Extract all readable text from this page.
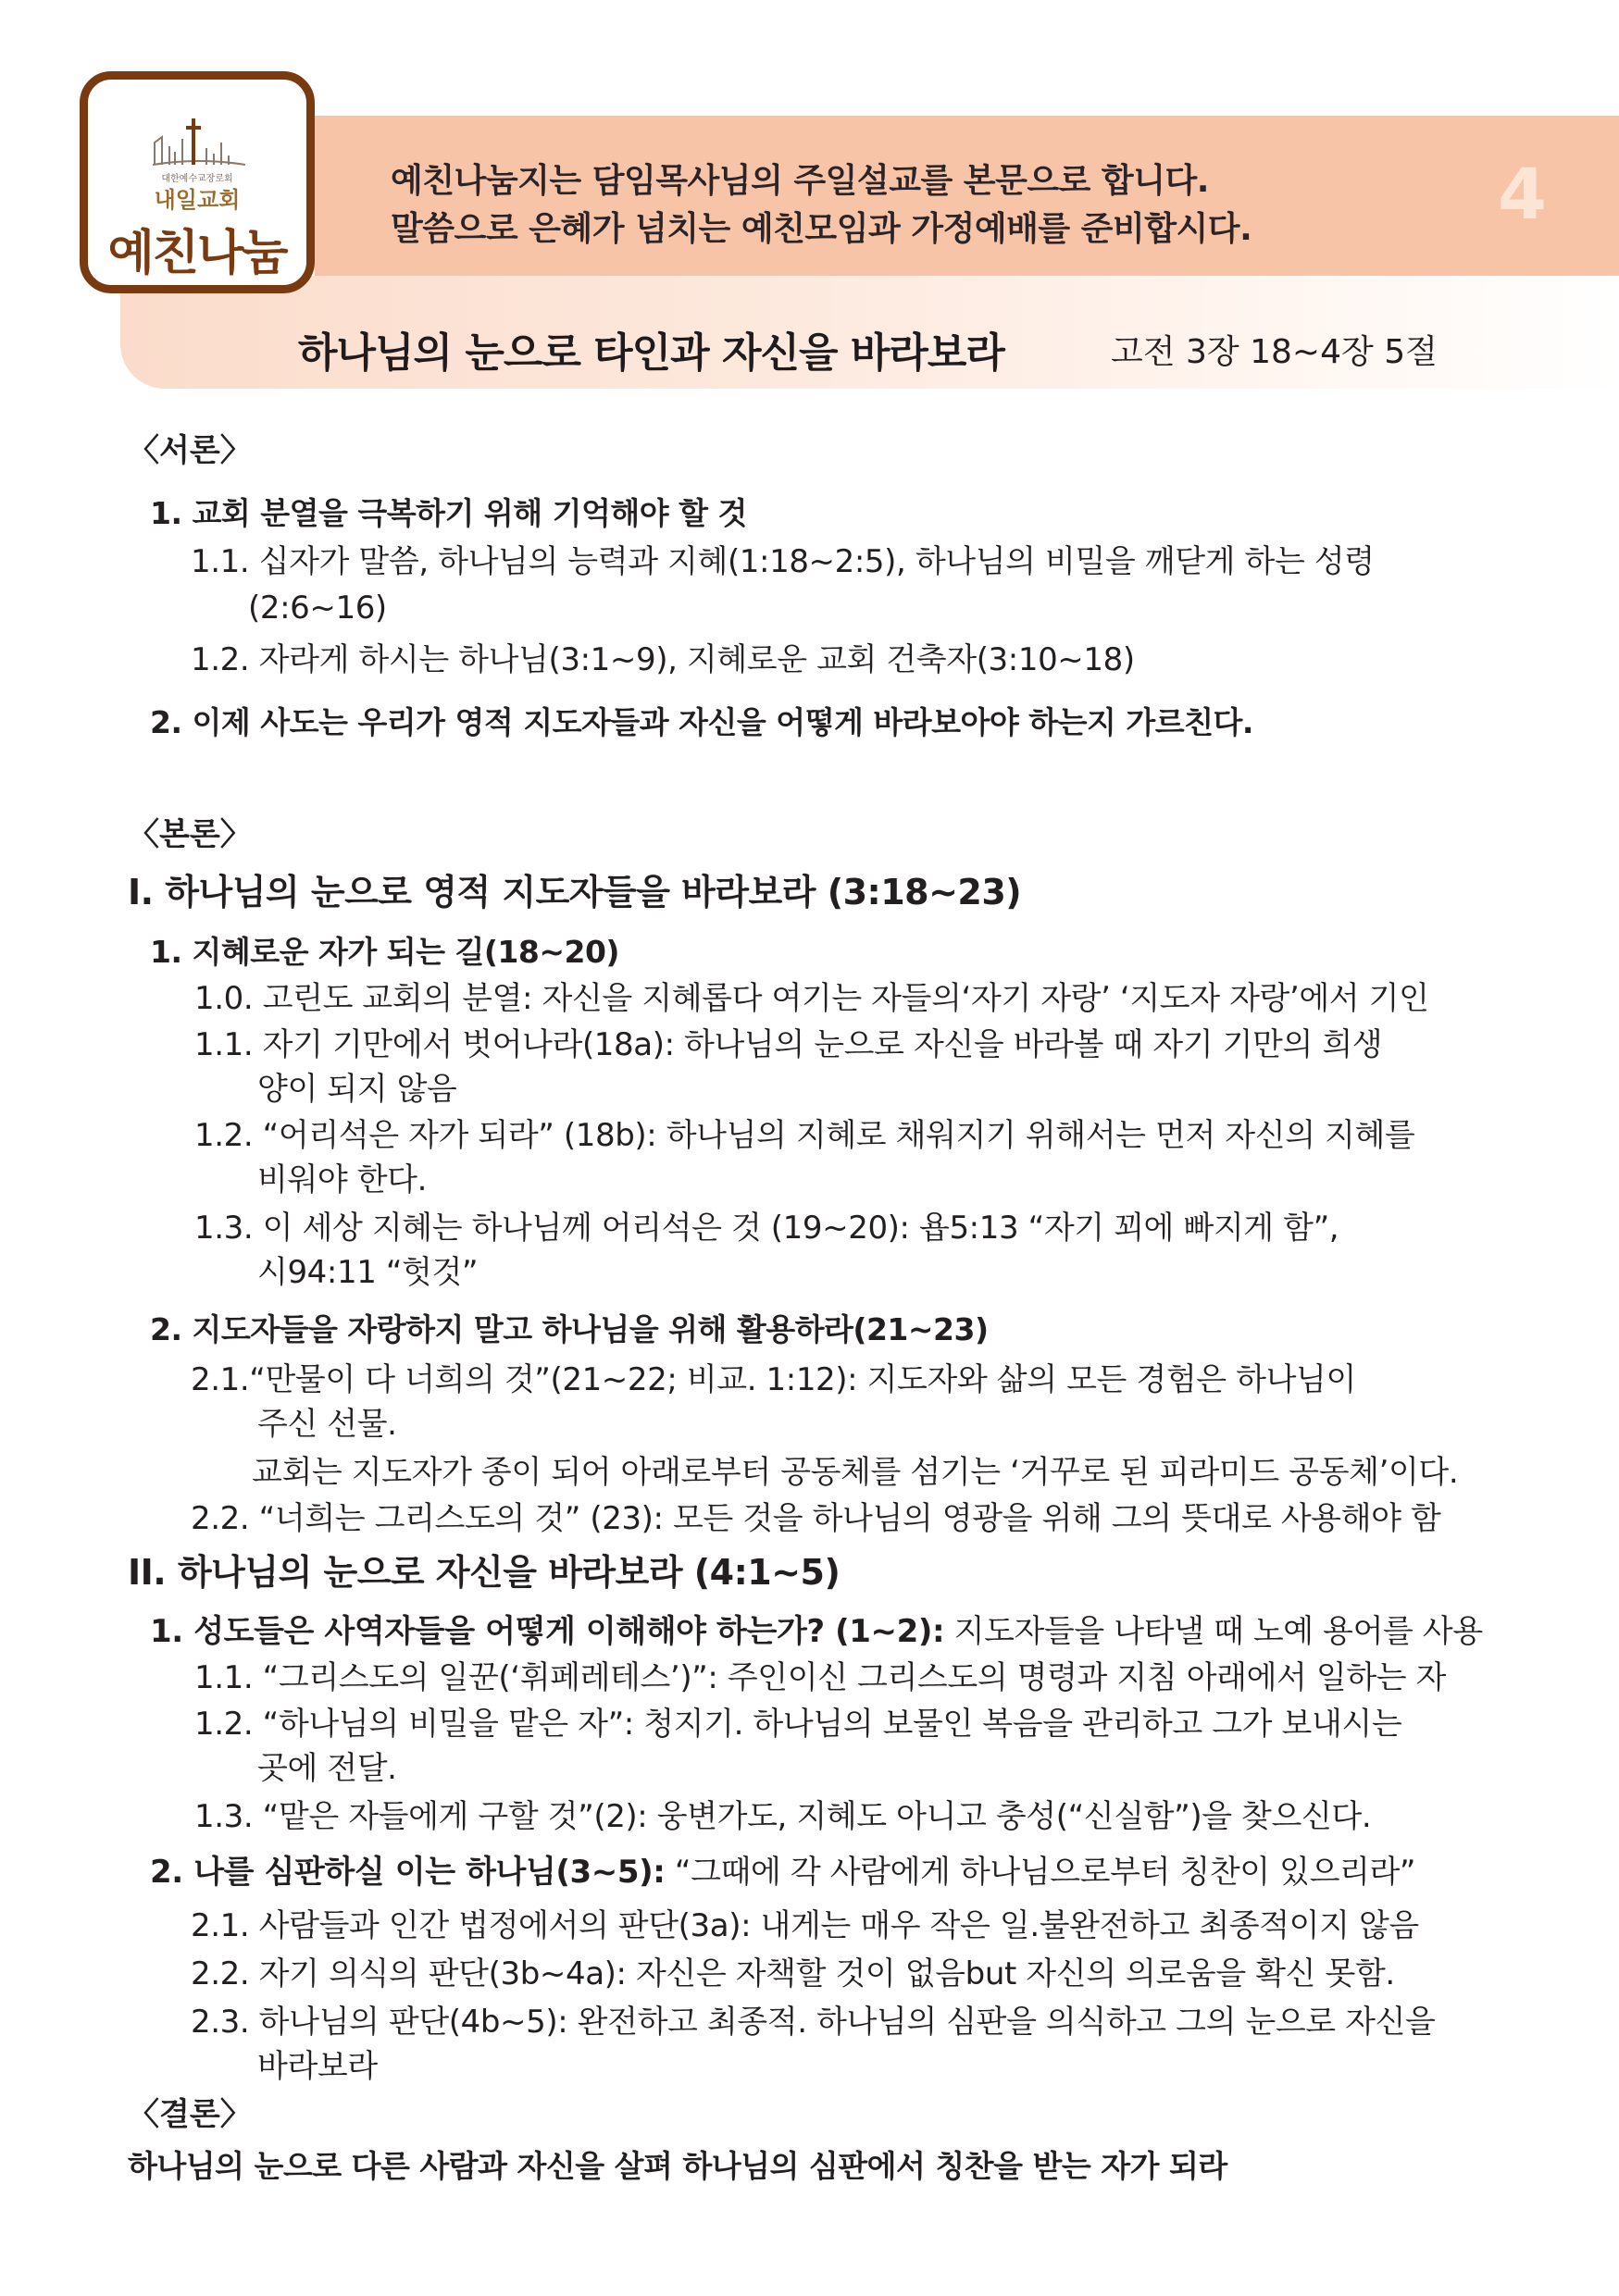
예친나눔지는 담임목사님의 주일설교를 본문으로 합니다.
말씀으로 은혜가 넘치는 예친모임과 가정예배를 준비합시다.	4
하나님의 눈으로 타인과 자신을 바라보라	고전 3장 18~4장 5절
대한예수교장로회
내일교회
예친나눔
〈서론〉
1. 교회 분열을 극복하기 위해 기억해야 할 것
1.1. 십자가 말씀, 하나님의 능력과 지혜(1:18~2:5), 하나님의 비밀을 깨닫게 하는 성령
(2:6~16)
1.2. 자라게 하시는 하나님(3:1~9), 지혜로운 교회 건축자(3:10~18)
2. 이제 사도는 우리가 영적 지도자들과 자신을 어떻게 바라보아야 하는지 가르친다.
〈본론〉
I. 하나님의 눈으로 영적 지도자들을 바라보라 (3:18~23)
1. 지혜로운 자가 되는 길(18~20)
1.0. 고린도 교회의 분열: 자신을 지혜롭다 여기는 자들의‘자기 자랑’ ‘지도자 자랑’에서 기인
1.1. 자기 기만에서 벗어나라(18a): 하나님의 눈으로 자신을 바라볼 때 자기 기만의 희생
양이 되지 않음
1.2. “어리석은 자가 되라” (18b): 하나님의 지혜로 채워지기 위해서는 먼저 자신의 지혜를
비워야 한다.
1.3. 이 세상 지혜는 하나님께 어리석은 것 (19~20): 욥5:13 “자기 꾀에 빠지게 함”,
시94:11 “헛것”
2. 지도자들을 자랑하지 말고 하나님을 위해 활용하라(21~23)
2.1.“만물이 다 너희의 것”(21~22; 비교. 1:12): 지도자와 삶의 모든 경험은 하나님이
주신 선물.
교회는 지도자가 종이 되어 아래로부터 공동체를 섬기는 ‘거꾸로 된 피라미드 공동체’이다.
2.2. “너희는 그리스도의 것” (23): 모든 것을 하나님의 영광을 위해 그의 뜻대로 사용해야 함
II. 하나님의 눈으로 자신을 바라보라 (4:1~5)
1. 성도들은 사역자들을 어떻게 이해해야 하는가? (1~2): 지도자들을 나타낼 때 노예 용어를 사용
1.1. “그리스도의 일꾼(‘휘페레테스’)”: 주인이신 그리스도의 명령과 지침 아래에서 일하는 자
1.2. “하나님의 비밀을 맡은 자”: 청지기. 하나님의 보물인 복음을 관리하고 그가 보내시는
곳에 전달.
1.3. “맡은 자들에게 구할 것”(2): 웅변가도, 지혜도 아니고 충성(“신실함”)을 찾으신다.
2. 나를 심판하실 이는 하나님(3~5): “그때에 각 사람에게 하나님으로부터 칭찬이 있으리라”
2.1. 사람들과 인간 법정에서의 판단(3a): 내게는 매우 작은 일.불완전하고 최종적이지 않음
2.2. 자기 의식의 판단(3b~4a): 자신은 자책할 것이 없음but 자신의 의로움을 확신 못함.
2.3. 하나님의 판단(4b~5): 완전하고 최종적. 하나님의 심판을 의식하고 그의 눈으로 자신을
바라보라
〈결론〉
하나님의 눈으로 다른 사람과 자신을 살펴 하나님의 심판에서 칭찬을 받는 자가 되라
